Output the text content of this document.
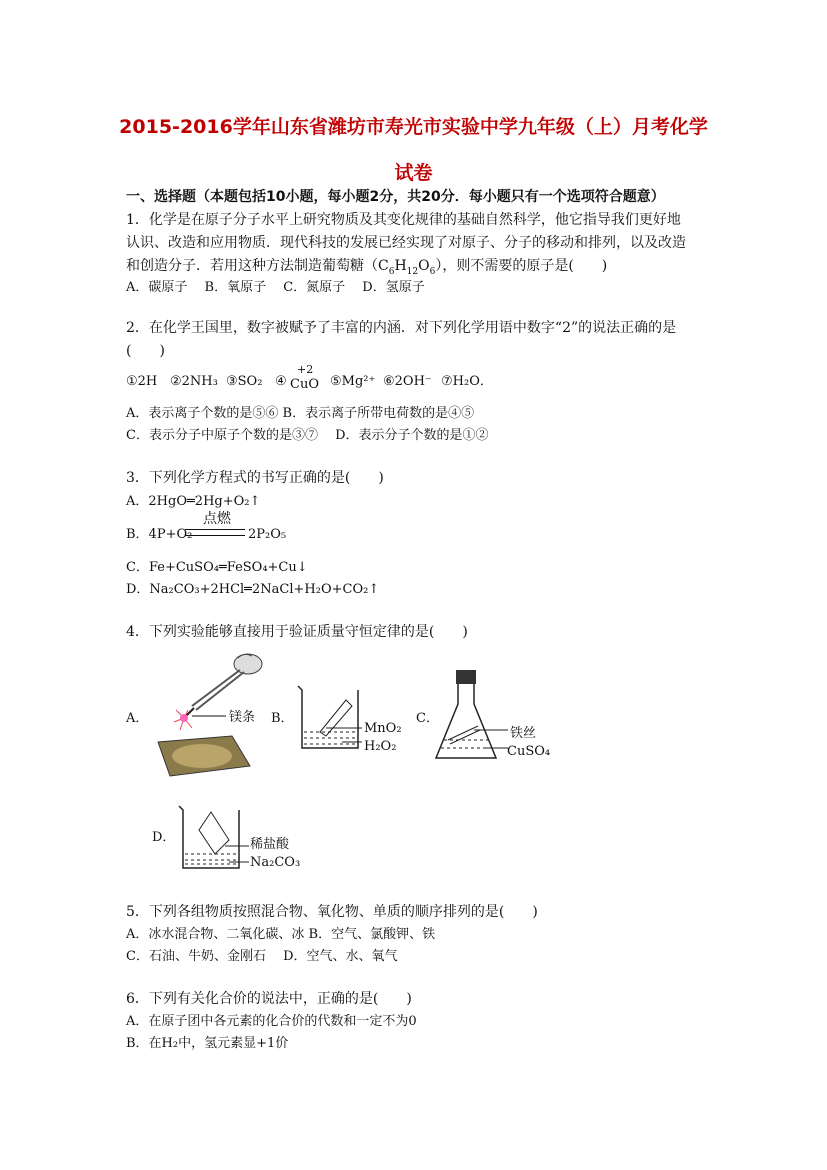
2015-2016学年山东省潍坊市寿光市实验中学九年级（上）月考化学
试卷
一、选择题（本题包括10小题，每小题2分，共20分．每小题只有一个选项符合题意）
1．化学是在原子分子水平上研究物质及其变化规律的基础自然科学，他它指导我们更好地
认识、改造和应用物质．现代科技的发展已经实现了对原子、分子的移动和排列，以及改造
和创造分子．若用这种方法制造葡萄糖$(C_6H_{12}O_6)$，则不需要的原子是(　　)
A．碳原子　 B．氧原子　 C．氮原子　 D．氢原子
2．在化学王国里，数字被赋予了丰富的内涵．对下列化学用语中数字“2”的说法正确的是
(　　)
①2H ②2NH₃ ③SO₂ ④
+2
CuO ⑤Mg²⁺ ⑥2OH⁻ ⑦H₂O．
A．表示离子个数的是⑤⑥ B．表示离子所带电荷数的是④⑤
C．表示分子中原子个数的是③⑦　 D．表示分子个数的是①②
3．下列化学方程式的书写正确的是(　　)
A．2HgO═2Hg+O₂↑
B．4P+O₂
点燃
2P₂O₅
C．Fe+CuSO₄═FeSO₄+Cu↓
D．Na₂CO₃+2HCl═2NaCl+H₂O+CO₂↑
4．下列实验能够直接用于验证质量守恒定律的是(　　)
A．	镁条 B．
MnO₂
H₂O₂
C．
铁丝
CuSO₄
D．	稀盐酸
Na₂CO₃
5．下列各组物质按照混合物、氧化物、单质的顺序排列的是(　　)
A．冰水混合物、二氧化碳、冰 B．空气、氯酸钾、铁
C．石油、牛奶、金刚石　 D．空气、水、氧气
6．下列有关化合价的说法中，正确的是(　　)
A．在原子团中各元素的化合价的代数和一定不为0
B．在H₂中，氢元素显+1价
